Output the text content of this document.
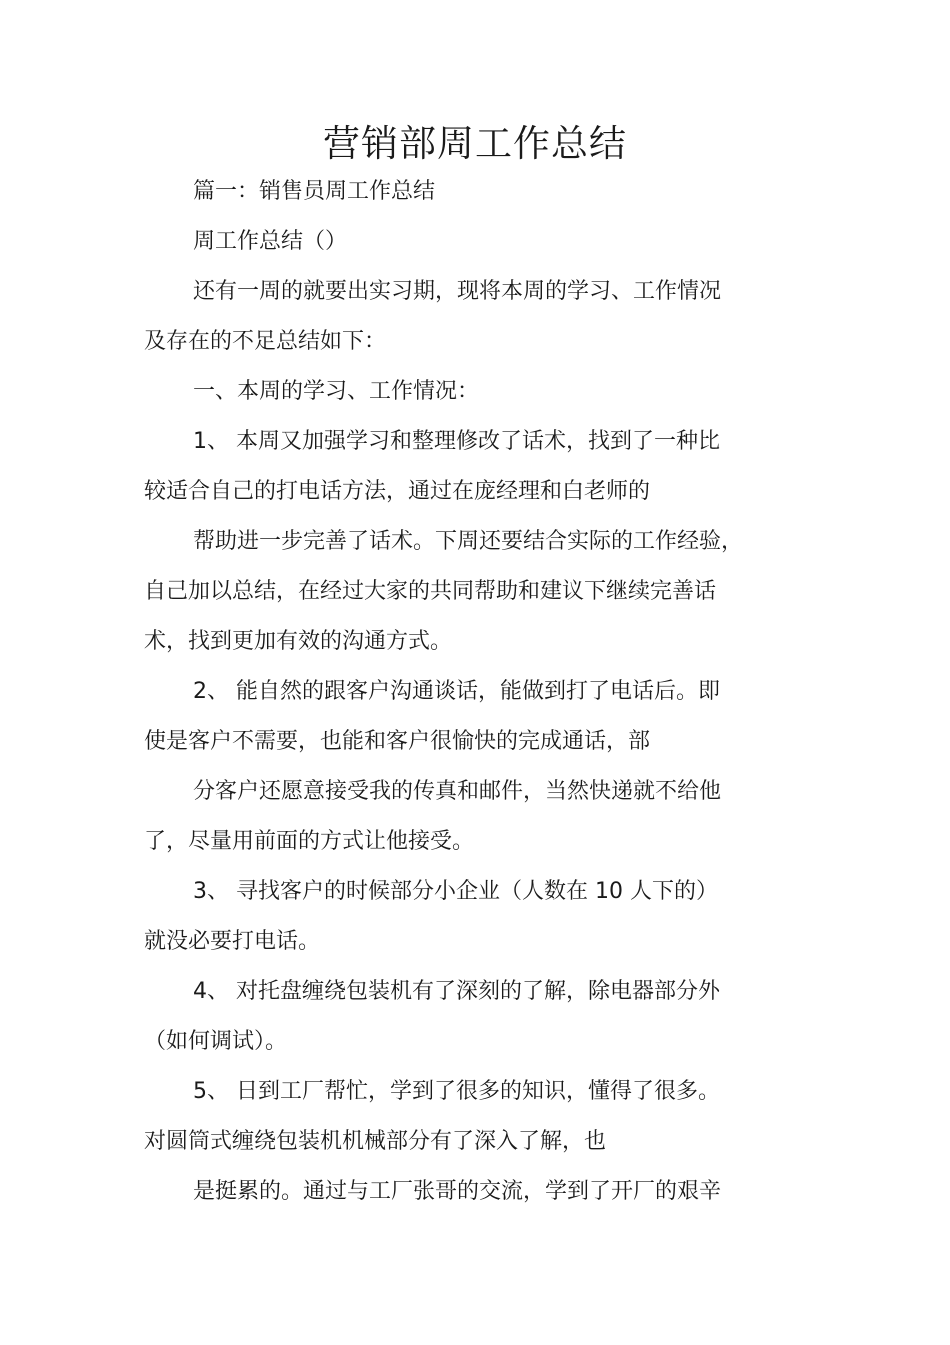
营销部周工作总结
篇一：销售员周工作总结
周工作总结（）
还有一周的就要出实习期，现将本周的学习、工作情况
及存在的不足总结如下：
一、本周的学习、工作情况：
1、 本周又加强学习和整理修改了话术，找到了一种比
较适合自己的打电话方法，通过在庞经理和白老师的
帮助进一步完善了话术。下周还要结合实际的工作经验，
自己加以总结，在经过大家的共同帮助和建议下继续完善话
术，找到更加有效的沟通方式。
2、 能自然的跟客户沟通谈话，能做到打了电话后。即
使是客户不需要，也能和客户很愉快的完成通话，部
分客户还愿意接受我的传真和邮件，当然快递就不给他
了，尽量用前面的方式让他接受。
3、 寻找客户的时候部分小企业（人数在 10 人下的）
就没必要打电话。
4、 对托盘缠绕包装机有了深刻的了解，除电器部分外
（如何调试）。
5、 日到工厂帮忙，学到了很多的知识，懂得了很多。
对圆筒式缠绕包装机机械部分有了深入了解，也
是挺累的。通过与工厂张哥的交流，学到了开厂的艰辛
